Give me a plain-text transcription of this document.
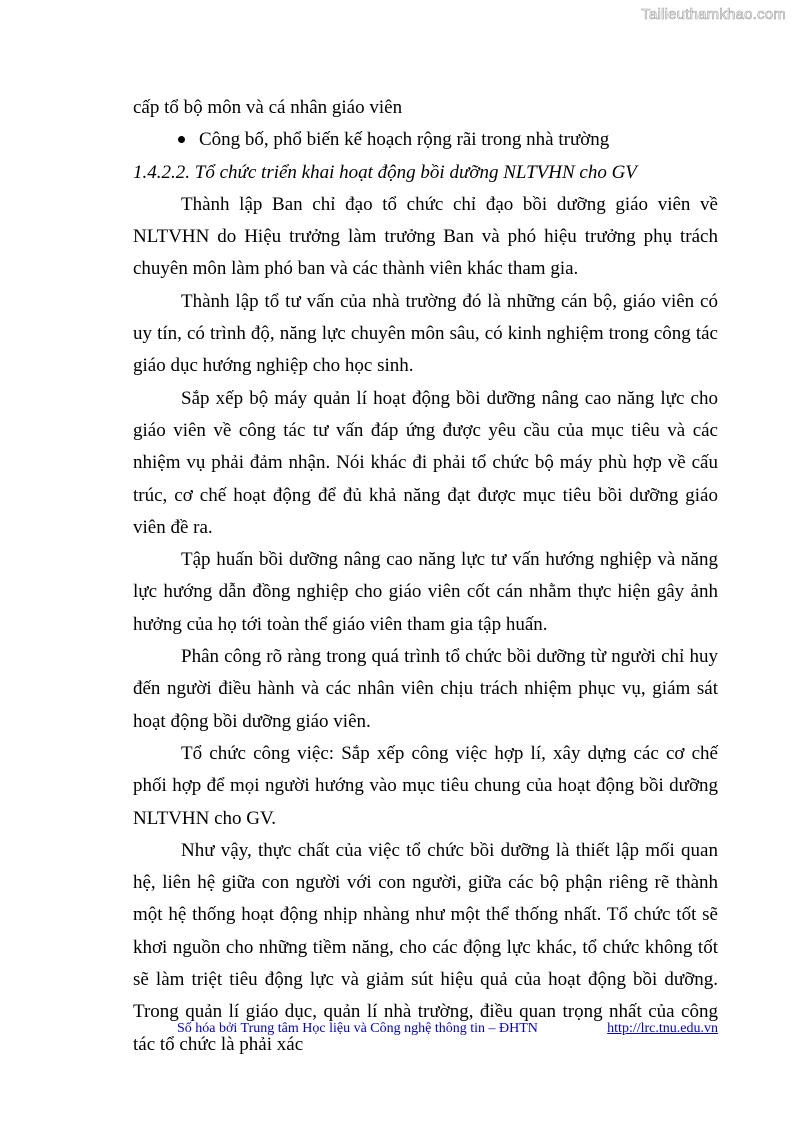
Tailieuthamkhao.com

cấp tổ bộ môn và cá nhân giáo viên

Công bố, phổ biến kế hoạch rộng rãi trong nhà trường
1.4.2.2. Tổ chức triển khai hoạt động bồi dưỡng NLTVHN cho GV

Thành lập Ban chỉ đạo tổ chức chỉ đạo bồi dưỡng giáo viên về NLTVHN do Hiệu trưởng làm trưởng Ban và phó hiệu trưởng phụ trách chuyên môn làm phó ban và các thành viên khác tham gia.

Thành lập tổ tư vấn của nhà trường đó là những cán bộ, giáo viên có uy tín, có trình độ, năng lực chuyên môn sâu, có kinh nghiệm trong công tác giáo dục hướng nghiệp cho học sinh.

Sắp xếp bộ máy quản lí hoạt động bồi dưỡng nâng cao năng lực cho giáo viên về công tác tư vấn đáp ứng được yêu cầu của mục tiêu và các nhiệm vụ phải đảm nhận. Nói khác đi phải tổ chức bộ máy phù hợp về cấu trúc, cơ chế hoạt động để đủ khả năng đạt được mục tiêu bồi dưỡng giáo viên đề ra.

Tập huấn bồi dưỡng nâng cao năng lực tư vấn hướng nghiệp và năng lực hướng dẫn đồng nghiệp cho giáo viên cốt cán nhằm thực hiện gây ảnh hưởng của họ tới toàn thể giáo viên tham gia tập huấn.

Phân công rõ ràng trong quá trình tổ chức bồi dưỡng từ người chỉ huy đến người điều hành và các nhân viên chịu trách nhiệm phục vụ, giám sát hoạt động bồi dưỡng giáo viên.

Tổ chức công việc: Sắp xếp công việc hợp lí, xây dựng các cơ chế phối hợp để mọi người hướng vào mục tiêu chung của hoạt động bồi dưỡng NLTVHN cho GV.

Như vậy, thực chất của việc tổ chức bồi dưỡng là thiết lập mối quan hệ, liên hệ giữa con người với con người, giữa các bộ phận riêng rẽ thành một hệ thống hoạt động nhịp nhàng như một thể thống nhất. Tổ chức tốt sẽ khơi nguồn cho những tiềm năng, cho các động lực khác, tổ chức không tốt sẽ làm triệt tiêu động lực và giảm sút hiệu quả của hoạt động bồi dưỡng. Trong quản lí giáo dục, quản lí nhà trường, điều quan trọng nhất của công tác tổ chức là phải xác

Số hóa bởi Trung tâm Học liệu và Công nghệ thông tin – ĐHTN	http://lrc.tnu.edu.vn
